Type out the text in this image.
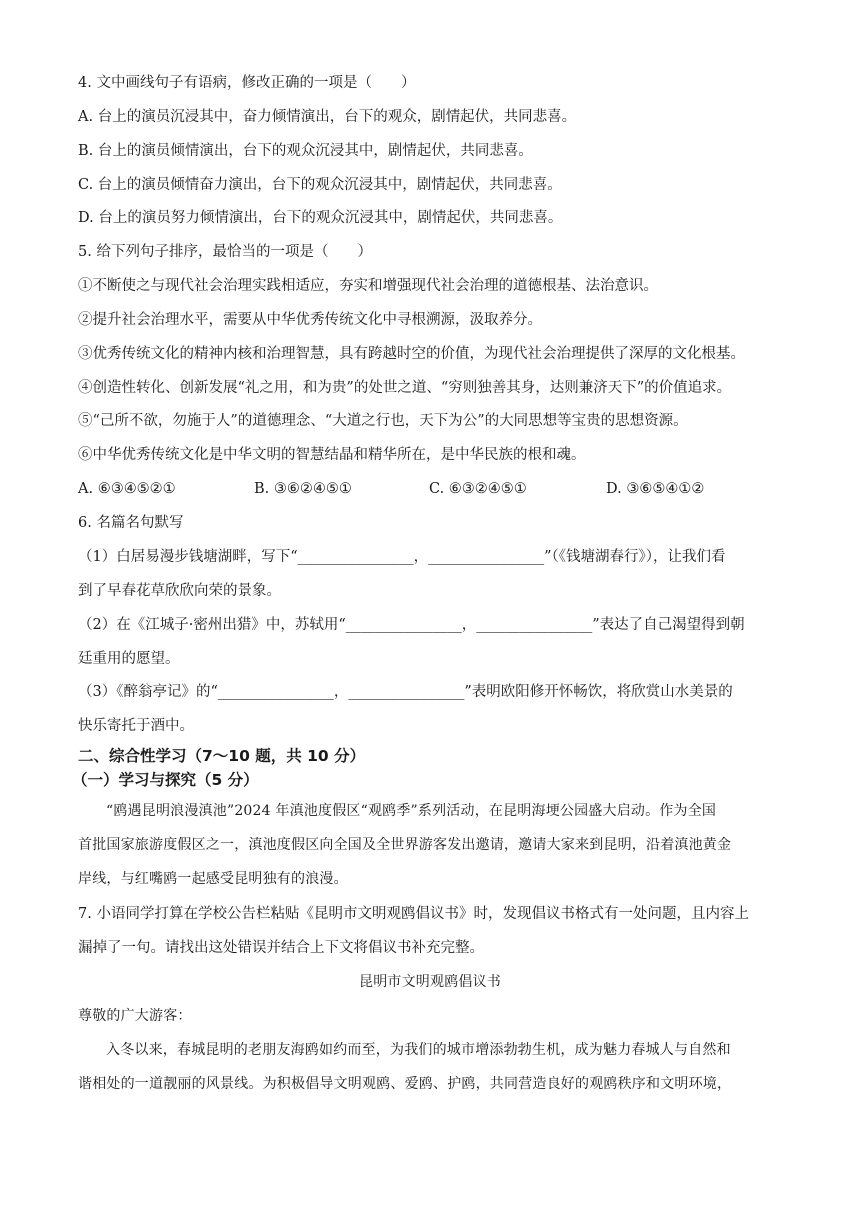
4. 文中画线句子有语病，修改正确的一项是（　　）
A. 台上的演员沉浸其中，奋力倾情演出，台下的观众，剧情起伏，共同悲喜。
B. 台上的演员倾情演出，台下的观众沉浸其中，剧情起伏，共同悲喜。
C. 台上的演员倾情奋力演出，台下的观众沉浸其中，剧情起伏，共同悲喜。
D. 台上的演员努力倾情演出，台下的观众沉浸其中，剧情起伏，共同悲喜。
5. 给下列句子排序，最恰当的一项是（　　）
①不断使之与现代社会治理实践相适应，夯实和增强现代社会治理的道德根基、法治意识。
②提升社会治理水平，需要从中华优秀传统文化中寻根溯源，汲取养分。
③优秀传统文化的精神内核和治理智慧，具有跨越时空的价值，为现代社会治理提供了深厚的文化根基。
④创造性转化、创新发展“礼之用，和为贵”的处世之道、“穷则独善其身，达则兼济天下”的价值追求。
⑤“己所不欲，勿施于人”的道德理念、“大道之行也，天下为公”的大同思想等宝贵的思想资源。
⑥中华优秀传统文化是中华文明的智慧结晶和精华所在，是中华民族的根和魂。
A. ⑥③④⑤②①	B. ③⑥②④⑤①	C. ⑥③②④⑤①	D. ③⑥⑤④①②
6. 名篇名句默写
（1）白居易漫步钱塘湖畔，写下“________________，________________”（《钱塘湖春行》），让我们看
到了早春花草欣欣向荣的景象。
（2）在《江城子·密州出猎》中，苏轼用“________________，________________”表达了自己渴望得到朝
廷重用的愿望。
（3）《醉翁亭记》的“________________，________________”表明欧阳修开怀畅饮，将欣赏山水美景的
快乐寄托于酒中。
二、综合性学习（7～10 题，共 10 分）
（一）学习与探究（5 分）
“鸥遇昆明浪漫滇池”2024 年滇池度假区“观鸥季”系列活动，在昆明海埂公园盛大启动。作为全国
首批国家旅游度假区之一，滇池度假区向全国及全世界游客发出邀请，邀请大家来到昆明，沿着滇池黄金
岸线，与红嘴鸥一起感受昆明独有的浪漫。
7. 小语同学打算在学校公告栏粘贴《昆明市文明观鸥倡议书》时，发现倡议书格式有一处问题，且内容上
漏掉了一句。请找出这处错误并结合上下文将倡议书补充完整。
昆明市文明观鸥倡议书
尊敬的广大游客：
入冬以来，春城昆明的老朋友海鸥如约而至，为我们的城市增添勃勃生机，成为魅力春城人与自然和
谐相处的一道靓丽的风景线。为积极倡导文明观鸥、爱鸥、护鸥，共同营造良好的观鸥秩序和文明环境，
